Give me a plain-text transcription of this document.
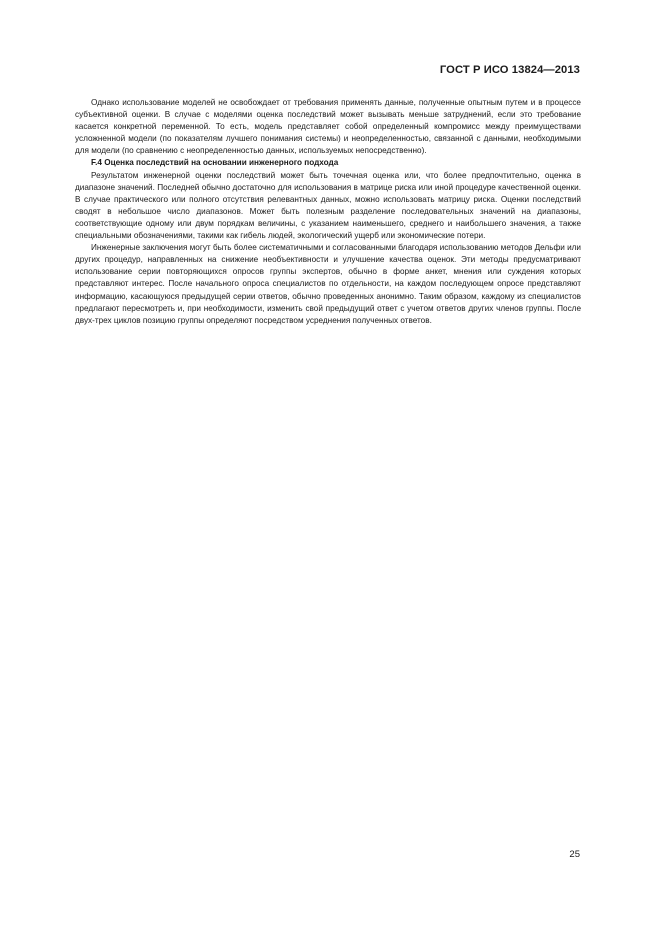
ГОСТ Р ИСО 13824—2013

Однако использование моделей не освобождает от требования применять данные, полученные опытным путем и в процессе субъективной оценки. В случае с моделями оценка последствий может вызывать меньше затруднений, если это требование касается конкретной переменной. То есть, модель представляет собой определенный компромисс между преимуществами усложненной модели (по показателям лучшего понимания системы) и неопределенностью, связанной с данными, необходимыми для модели (по сравнению с неопределенностью данных, используемых непосредственно).

F.4 Оценка последствий на основании инженерного подхода

Результатом инженерной оценки последствий может быть точечная оценка или, что более предпочтительно, оценка в диапазоне значений. Последней обычно достаточно для использования в матрице риска или иной процедуре качественной оценки. В случае практического или полного отсутствия релевантных данных, можно использовать матрицу риска. Оценки последствий сводят в небольшое число диапазонов. Может быть полезным разделение последовательных значений на диапазоны, соответствующие одному или двум порядкам величины, с указанием наименьшего, среднего и наибольшего значения, а также специальными обозначениями, такими как гибель людей, экологический ущерб или экономические потери.

Инженерные заключения могут быть более систематичными и согласованными благодаря использованию методов Дельфи или других процедур, направленных на снижение необъективности и улучшение качества оценок. Эти методы предусматривают использование серии повторяющихся опросов группы экспертов, обычно в форме анкет, мнения или суждения которых представляют интерес. После начального опроса специалистов по отдельности, на каждом последующем опросе представляют информацию, касающуюся предыдущей серии ответов, обычно проведенных анонимно. Таким образом, каждому из специалистов предлагают пересмотреть и, при необходимости, изменить свой предыдущий ответ с учетом ответов других членов группы. После двух-трех циклов позицию группы определяют посредством усреднения полученных ответов.

25
